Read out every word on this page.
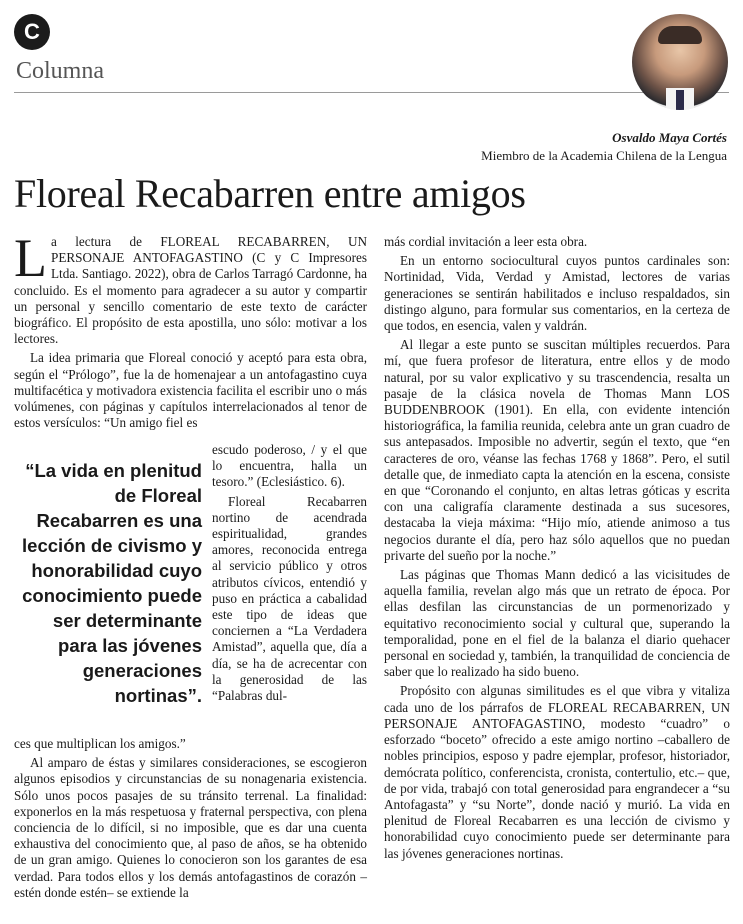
C
Columna
Osvaldo Maya Cortés
Miembro de la Academia Chilena de la Lengua
Floreal Recabarren entre amigos

La lectura de FLOREAL RECABARREN, UN PERSONAJE ANTOFAGASTINO (C y C Impresores Ltda. Santiago. 2022), obra de Carlos Tarragó Cardonne, ha concluido. Es el momento para agradecer a su autor y compartir un personal y sencillo comentario de este texto de carácter biográfico. El propósito de esta apostilla, uno sólo: motivar a los lectores.

La idea primaria que Floreal conoció y aceptó para esta obra, según el “Prólogo”, fue la de homenajear a un antofagastino cuya multifacética y motivadora existencia facilita el escribir uno o más volúmenes, con páginas y capítulos interrelacionados al tenor de estos versículos: “Un amigo fiel es

“La vida en plenitud de Floreal Recabarren es una lección de civismo y honorabilidad cuyo conocimiento puede ser determinante para las jóvenes generaciones nortinas”.

escudo poderoso, / y el que lo encuentra, halla un tesoro.” (Eclesiástico. 6).

Floreal Recabarren nortino de acendrada espiritualidad, grandes amores, reconocida entrega al servicio público y otros atributos cívicos, entendió y puso en práctica a cabalidad este tipo de ideas que conciernen a “La Verdadera Amistad”, aquella que, día a día, se ha de acrecentar con la generosidad de las “Palabras dul-

ces que multiplican los amigos.”

Al amparo de éstas y similares consideraciones, se escogieron algunos episodios y circunstancias de su nonagenaria existencia. Sólo unos pocos pasajes de su tránsito terrenal. La finalidad: exponerlos en la más respetuosa y fraternal perspectiva, con plena conciencia de lo difícil, si no imposible, que es dar una cuenta exhaustiva del conocimiento que, al paso de años, se ha obtenido de un gran amigo. Quienes lo conocieron son los garantes de esa verdad. Para todos ellos y los demás antofagastinos de corazón –estén donde estén– se extiende la

más cordial invitación a leer esta obra.

En un entorno sociocultural cuyos puntos cardinales son: Nortinidad, Vida, Verdad y Amistad, lectores de varias generaciones se sentirán habilitados e incluso respaldados, sin distingo alguno, para formular sus comentarios, en la certeza de que todos, en esencia, valen y valdrán.

Al llegar a este punto se suscitan múltiples recuerdos. Para mí, que fuera profesor de literatura, entre ellos y de modo natural, por su valor explicativo y su trascendencia, resalta un pasaje de la clásica novela de Thomas Mann LOS BUDDENBROOK (1901). En ella, con evidente intención historiográfica, la familia reunida, celebra ante un gran cuadro de sus antepasados. Imposible no advertir, según el texto, que “en caracteres de oro, véanse las fechas 1768 y 1868”. Pero, el sutil detalle que, de inmediato capta la atención en la escena, consiste en que “Coronando el conjunto, en altas letras góticas y escrita con una caligrafía claramente destinada a sus sucesores, destacaba la vieja máxima: “Hijo mío, atiende animoso a tus negocios durante el día, pero haz sólo aquellos que no puedan privarte del sueño por la noche.”

Las páginas que Thomas Mann dedicó a las vicisitudes de aquella familia, revelan algo más que un retrato de época. Por ellas desfilan las circunstancias de un pormenorizado y equitativo reconocimiento social y cultural que, superando la temporalidad, pone en el fiel de la balanza el diario quehacer personal en sociedad y, también, la tranquilidad de conciencia de saber que lo realizado ha sido bueno.

Propósito con algunas similitudes es el que vibra y vitaliza cada uno de los párrafos de FLOREAL RECABARREN, UN PERSONAJE ANTOFAGASTINO, modesto “cuadro” o esforzado “boceto” ofrecido a este amigo nortino –caballero de nobles principios, esposo y padre ejemplar, profesor, historiador, demócrata político, conferencista, cronista, contertulio, etc.– que, de por vida, trabajó con total generosidad para engrandecer a “su Antofagasta” y “su Norte”, donde nació y murió. La vida en plenitud de Floreal Recabarren es una lección de civismo y honorabilidad cuyo conocimiento puede ser determinante para las jóvenes generaciones nortinas.
